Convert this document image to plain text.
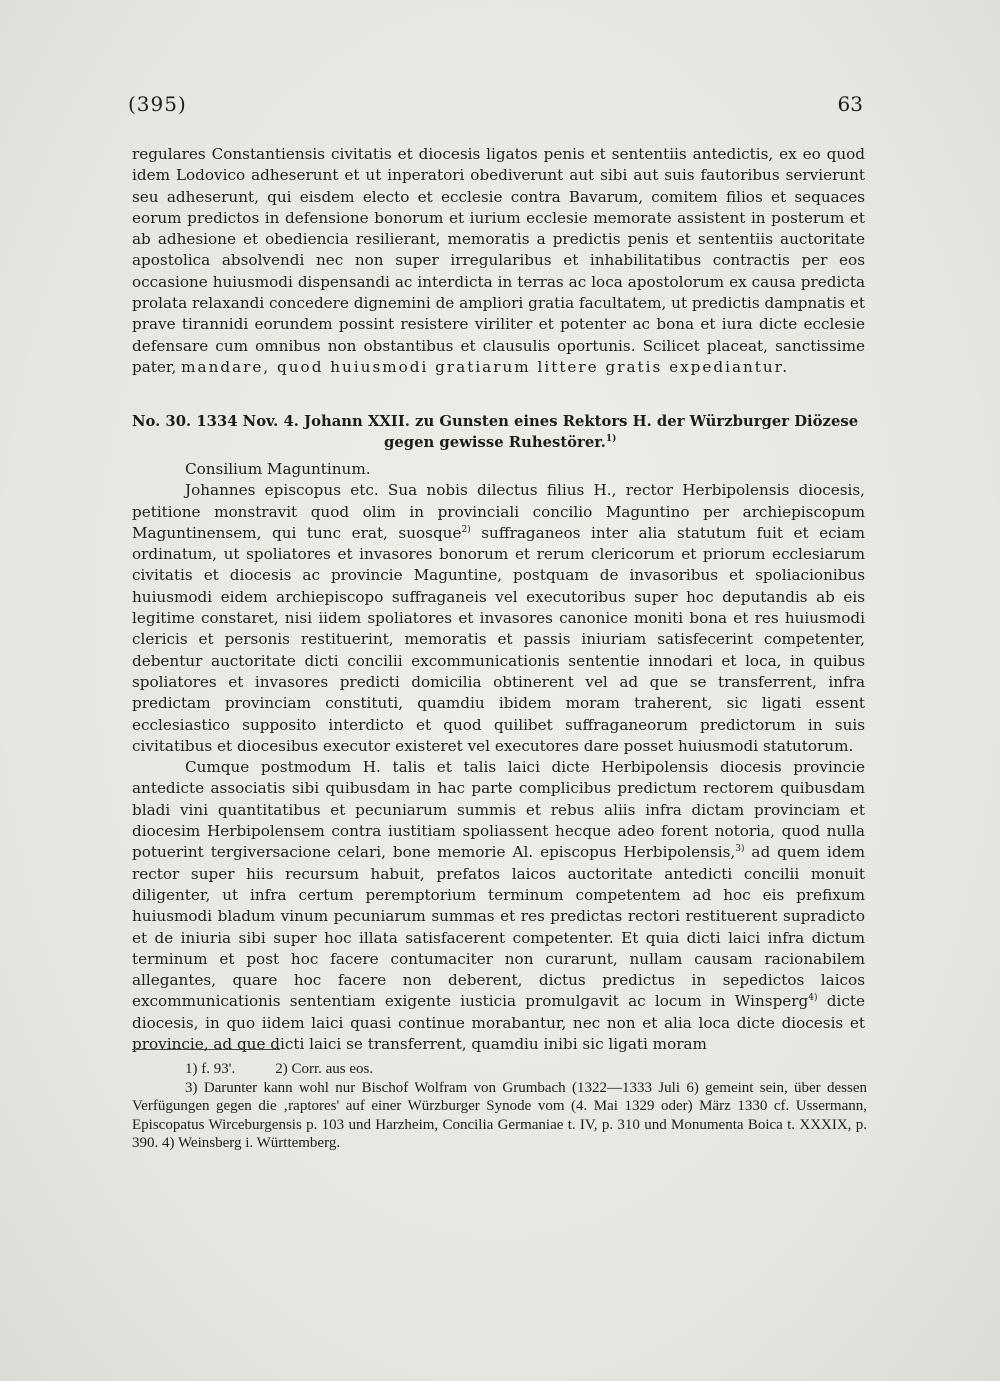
(395)	63

regulares Constantiensis civitatis et diocesis ligatos penis et sententiis antedictis, ex eo quod idem Lodovico adheserunt et ut inperatori obediverunt aut sibi aut suis fautoribus servierunt seu adheserunt, qui eisdem electo et ecclesie contra Bavarum, comitem filios et sequaces eorum predictos in defensione bonorum et iurium ecclesie memorate assistent in posterum et ab adhesione et obediencia resilierant, memoratis a predictis penis et sententiis auctoritate apostolica absolvendi nec non super irregularibus et inhabilitatibus contractis per eos occasione huiusmodi dispensandi ac interdicta in terras ac loca apostolorum ex causa predicta prolata relaxandi concedere dignemini de ampliori gratia facultatem, ut predictis dampnatis et prave tirannidi eorundem possint resistere viriliter et potenter ac bona et iura dicte ecclesie defensare cum omnibus non obstantibus et clausulis oportunis. Scilicet placeat, sanctissime pater, mandare, quod huiusmodi gratiarum littere gratis expediantur.

No. 30. 1334 Nov. 4. Johann XXII. zu Gunsten eines Rektors H. der Würzburger Diözese
gegen gewisse Ruhestörer.$^{1)}$

Consilium Maguntinum.

Johannes episcopus etc. Sua nobis dilectus filius H., rector Herbipolensis diocesis, petitione monstravit quod olim in provinciali concilio Maguntino per archiepiscopum Maguntinensem, qui tunc erat, suosque$^{2)}$ suffraganeos inter alia statutum fuit et eciam ordinatum, ut spoliatores et invasores bonorum et rerum clericorum et priorum ecclesiarum civitatis et diocesis ac provincie Maguntine, postquam de invasoribus et spoliacionibus huiusmodi eidem archiepiscopo suffraganeis vel executoribus super hoc deputandis ab eis legitime constaret, nisi iidem spoliatores et invasores canonice moniti bona et res huiusmodi clericis et personis restituerint, memoratis et passis iniuriam satisfecerint competenter, debentur auctoritate dicti concilii excommunicationis sententie innodari et loca, in quibus spoliatores et invasores predicti domicilia obtinerent vel ad que se transferrent, infra predictam provinciam constituti, quamdiu ibidem moram traherent, sic ligati essent ecclesiastico supposito interdicto et quod quilibet suffraganeorum predictorum in suis civitatibus et diocesibus executor existeret vel executores dare posset huiusmodi statutorum.

Cumque postmodum H. talis et talis laici dicte Herbipolensis diocesis provincie antedicte associatis sibi quibusdam in hac parte complicibus predictum rectorem quibusdam bladi vini quantitatibus et pecuniarum summis et rebus aliis infra dictam provinciam et diocesim Herbipolensem contra iustitiam spoliassent hecque adeo forent notoria, quod nulla potuerint tergiversacione celari, bone memorie Al. episcopus Herbipolensis,$^{3)}$ ad quem idem rector super hiis recursum habuit, prefatos laicos auctoritate antedicti concilii monuit diligenter, ut infra certum peremptorium terminum competentem ad hoc eis prefixum huiusmodi bladum vinum pecuniarum summas et res predictas rectori restituerent supradicto et de iniuria sibi super hoc illata satisfacerent competenter. Et quia dicti laici infra dictum terminum et post hoc facere contumaciter non curarunt, nullam causam racionabilem allegantes, quare hoc facere non deberent, dictus predictus in sepedictos laicos excommunicationis sententiam exigente iusticia promulgavit ac locum in Winsperg$^{4)}$ dicte diocesis, in quo iidem laici quasi continue morabantur, nec non et alia loca dicte diocesis et provincie, ad que dicti laici se transferrent, quamdiu inibi sic ligati moram

1) f. 93'.	2) Corr. aus eos.
3) Darunter kann wohl nur Bischof Wolfram von Grumbach (1322—1333 Juli 6) gemeint sein, über dessen Verfügungen gegen die ‚raptores' auf einer Würzburger Synode vom (4. Mai 1329 oder) März 1330 cf. Ussermann, Episcopatus Wirceburgensis p. 103 und Harzheim, Concilia Germaniae t. IV, p. 310 und Monumenta Boica t. XXXIX, p. 390. 4) Weinsberg i. Württemberg.
